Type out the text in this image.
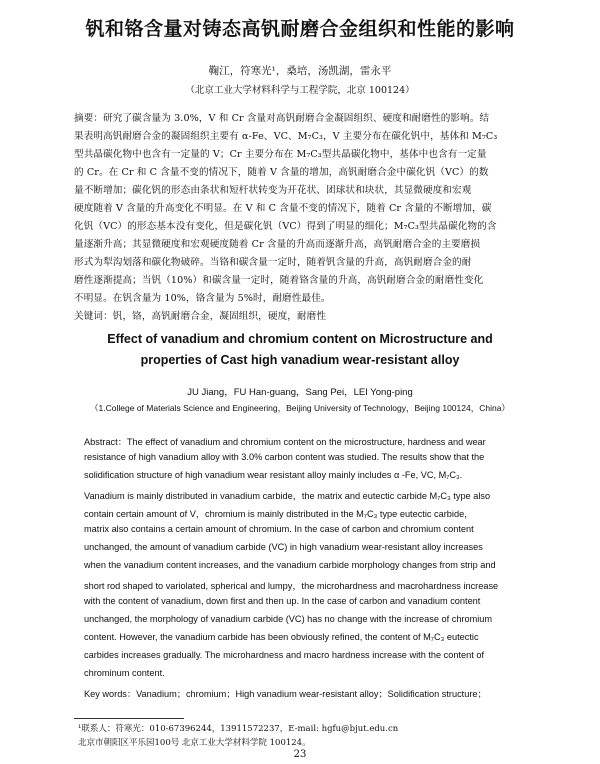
钒和铬含量对铸态高钒耐磨合金组织和性能的影响
鞠江，符寒光¹，桑培，汤凯湖，雷永平
（北京工业大学材料科学与工程学院，北京 100124）
摘要：研究了碳含量为 3.0%，V 和 Cr 含量对高钒耐磨合金凝固组织、硬度和耐磨性的影响。结
果表明高钒耐磨合金的凝固组织主要有 α-Fe、VC、M₇C₃，V 主要分布在碳化钒中，基体和 M₇C₃
型共晶碳化物中也含有一定量的 V；Cr 主要分布在 M₇C₃型共晶碳化物中，基体中也含有一定量
的 Cr。在 Cr 和 C 含量不变的情况下，随着 V 含量的增加，高钒耐磨合金中碳化钒（VC）的数
量不断增加；碳化钒的形态由条状和短杆状转变为开花状、团球状和块状，其显微硬度和宏观
硬度随着 V 含量的升高变化不明显。在 V 和 C 含量不变的情况下，随着 Cr 含量的不断增加，碳
化钒（VC）的形态基本没有变化，但是碳化钒（VC）得到了明显的细化；M₇C₃型共晶碳化物的含
量逐渐升高；其显微硬度和宏观硬度随着 Cr 含量的升高而逐渐升高，高钒耐磨合金的主要磨损
形式为犁沟划落和碳化物破碎。当铬和碳含量一定时，随着钒含量的升高，高钒耐磨合金的耐
磨性逐渐提高；当钒（10%）和碳含量一定时，随着铬含量的升高，高钒耐磨合金的耐磨性变化
不明显。在钒含量为 10%，铬含量为 5%时，耐磨性最佳。
关键词：钒，铬，高钒耐磨合金，凝固组织，硬度，耐磨性
Effect of vanadium and chromium content on Microstructure and
properties of Cast high vanadium wear-resistant alloy
JU Jiang，FU Han-guang，Sang Pei，LEI Yong-ping
（1.College of Materials Science and Engineering，Beijing University of Technology，Beijing 100124，China）
Abstract：The effect of vanadium and chromium content on the microstructure, hardness and wear
resistance of high vanadium alloy with 3.0% carbon content was studied. The results show that the
solidification structure of high vanadium wear resistant alloy mainly includes α -Fe, VC, M₇C₃.
Vanadium is mainly distributed in vanadium carbide，the matrix and eutectic carbide M₇C₃ type also
contain certain amount of V，chromium is mainly distributed in the M₇C₃ type eutectic carbide，
matrix also contains a certain amount of chromium. In the case of carbon and chromium content
unchanged, the amount of vanadium carbide (VC) in high vanadium wear-resistant alloy increases
when the vanadium content increases, and the vanadium carbide morphology changes from strip and
short rod shaped to variolated, spherical and lumpy，the microhardness and macrohardness increase
with the content of vanadium, down first and then up. In the case of carbon and vanadium content
unchanged, the morphology of vanadium carbide (VC) has no change with the increase of chromium
content. However, the vanadium carbide has been obviously refined, the content of M₇C₃ eutectic
carbides increases gradually. The microhardness and macro hardness increase with the content of
chrominum content.
Key words：Vanadium；chromium；High vanadium wear-resistant alloy；Solidification structure；
¹联系人：符寒光：010-67396244，13911572237，E-mail: hgfu@bjut.edu.cn
北京市朝阳区平乐园100号 北京工业大学材料学院 100124。
23
